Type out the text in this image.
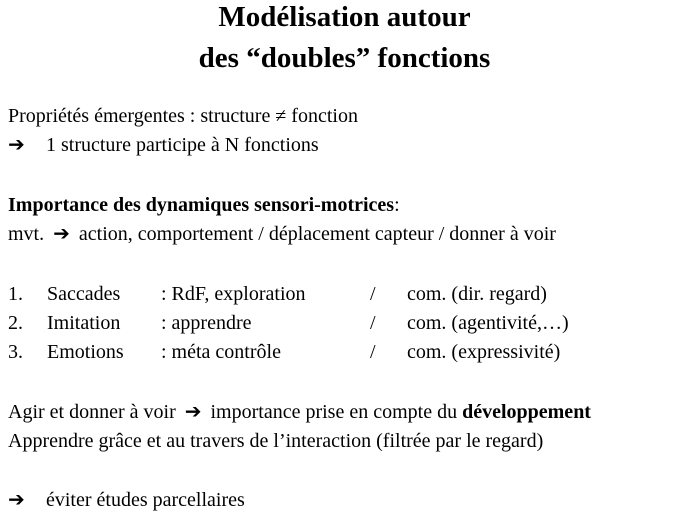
Modélisation autour
des “doubles” fonctions
Propriétés émergentes : structure ≠ fonction
➔ 1 structure participe à N fonctions
Importance des dynamiques sensori-motrices:
mvt. ➔ action, comportement / déplacement capteur / donner à voir
1. Saccades : RdF, exploration	/ com. (dir. regard)
2. Imitation : apprendre	/ com. (agentivité,…)
3. Emotions : méta contrôle	/ com. (expressivité)
Agir et donner à voir ➔ importance prise en compte du développement
Apprendre grâce et au travers de l’interaction (filtrée par le regard)
➔ éviter études parcellaires
